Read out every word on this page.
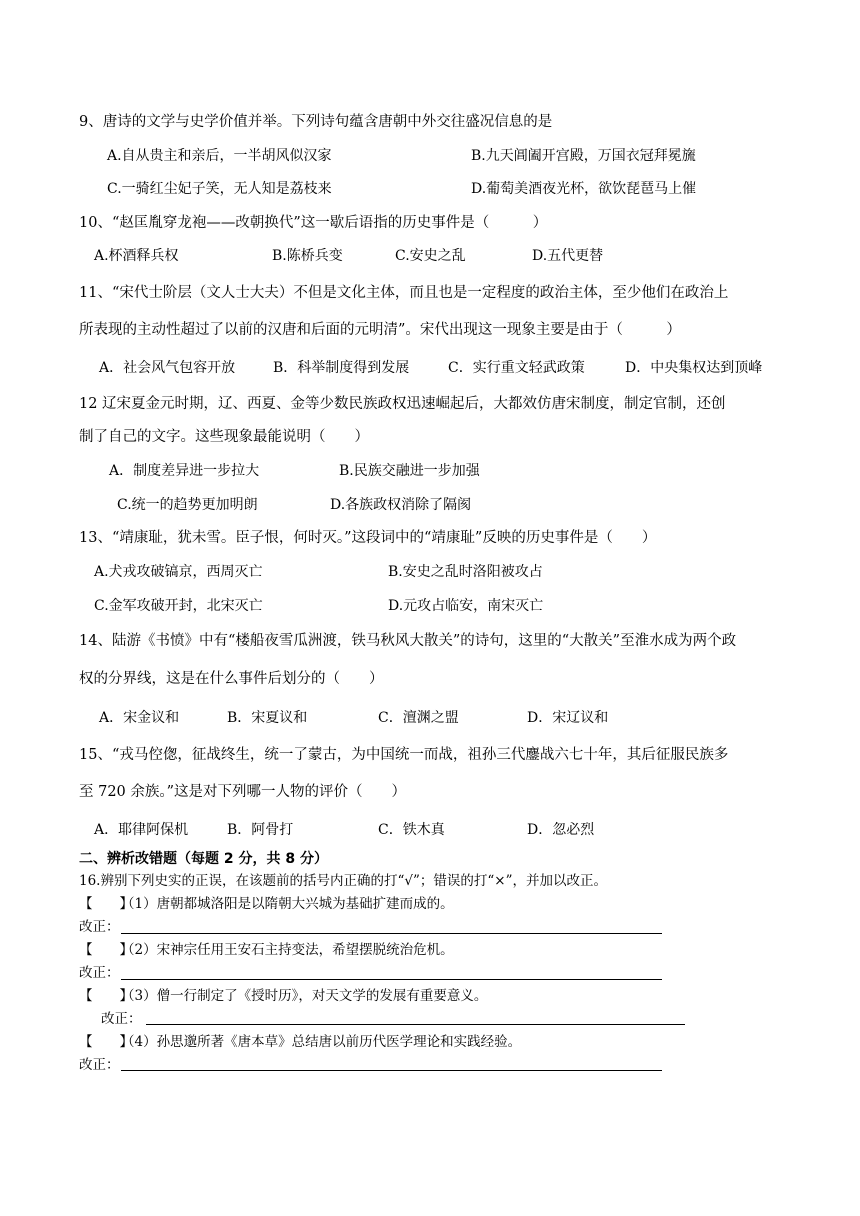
9、唐诗的文学与史学价值并举。下列诗句蕴含唐朝中外交往盛况信息的是
A.自从贵主和亲后，一半胡风似汉家	B.九天阊阖开宫殿，万国衣冠拜冕旒
C.一骑红尘妃子笑，无人知是荔枝来	D.葡萄美酒夜光杯，欲饮琵琶马上催
10、“赵匡胤穿龙袍——改朝换代”这一歇后语指的历史事件是（　　　）
A.杯酒释兵权	B.陈桥兵变	C.安史之乱	D.五代更替
11、“宋代士阶层（文人士大夫）不但是文化主体，而且也是一定程度的政治主体，至少他们在政治上
所表现的主动性超过了以前的汉唐和后面的元明清”。宋代出现这一现象主要是由于（　　　）
A．社会风气包容开放	B．科举制度得到发展	C．实行重文轻武政策	D．中央集权达到顶峰
12 辽宋夏金元时期，辽、西夏、金等少数民族政权迅速崛起后，大都效仿唐宋制度，制定官制，还创
制了自己的文字。这些现象最能说明（　　）
A．制度差异进一步拉大	B.民族交融进一步加强
C.统一的趋势更加明朗	D.各族政权消除了隔阂
13、“靖康耻，犹未雪。臣子恨，何时灭。”这段词中的“靖康耻”反映的历史事件是（　　）
A.犬戎攻破镐京，西周灭亡	B.安史之乱时洛阳被攻占
C.金军攻破开封，北宋灭亡	D.元攻占临安，南宋灭亡
14、陆游《书愤》中有“楼船夜雪瓜洲渡，铁马秋风大散关”的诗句，这里的“大散关”至淮水成为两个政
权的分界线，这是在什么事件后划分的（　　）
A．宋金议和	B．宋夏议和	C．澶渊之盟	D．宋辽议和
15、“戎马倥偬，征战终生，统一了蒙古，为中国统一而战，祖孙三代鏖战六七十年，其后征服民族多
至 720 余族。”这是对下列哪一人物的评价（　　）
A．耶律阿保机	B．阿骨打	C．铁木真	D．忽必烈
二、辨析改错题（每题 2 分，共 8 分）
16.辨别下列史实的正误，在该题前的括号内正确的打“√”；错误的打“×”，并加以改正。
【　　】
（1）唐朝都城洛阳是以隋朝大兴城为基础扩建而成的。
改正：
【　　】
（2）宋神宗任用王安石主持变法，希望摆脱统治危机。
改正：
【　　】
（3）僧一行制定了《授时历》，对天文学的发展有重要意义。
改正：
【　　】
（4）孙思邈所著《唐本草》总结唐以前历代医学理论和实践经验。
改正：
